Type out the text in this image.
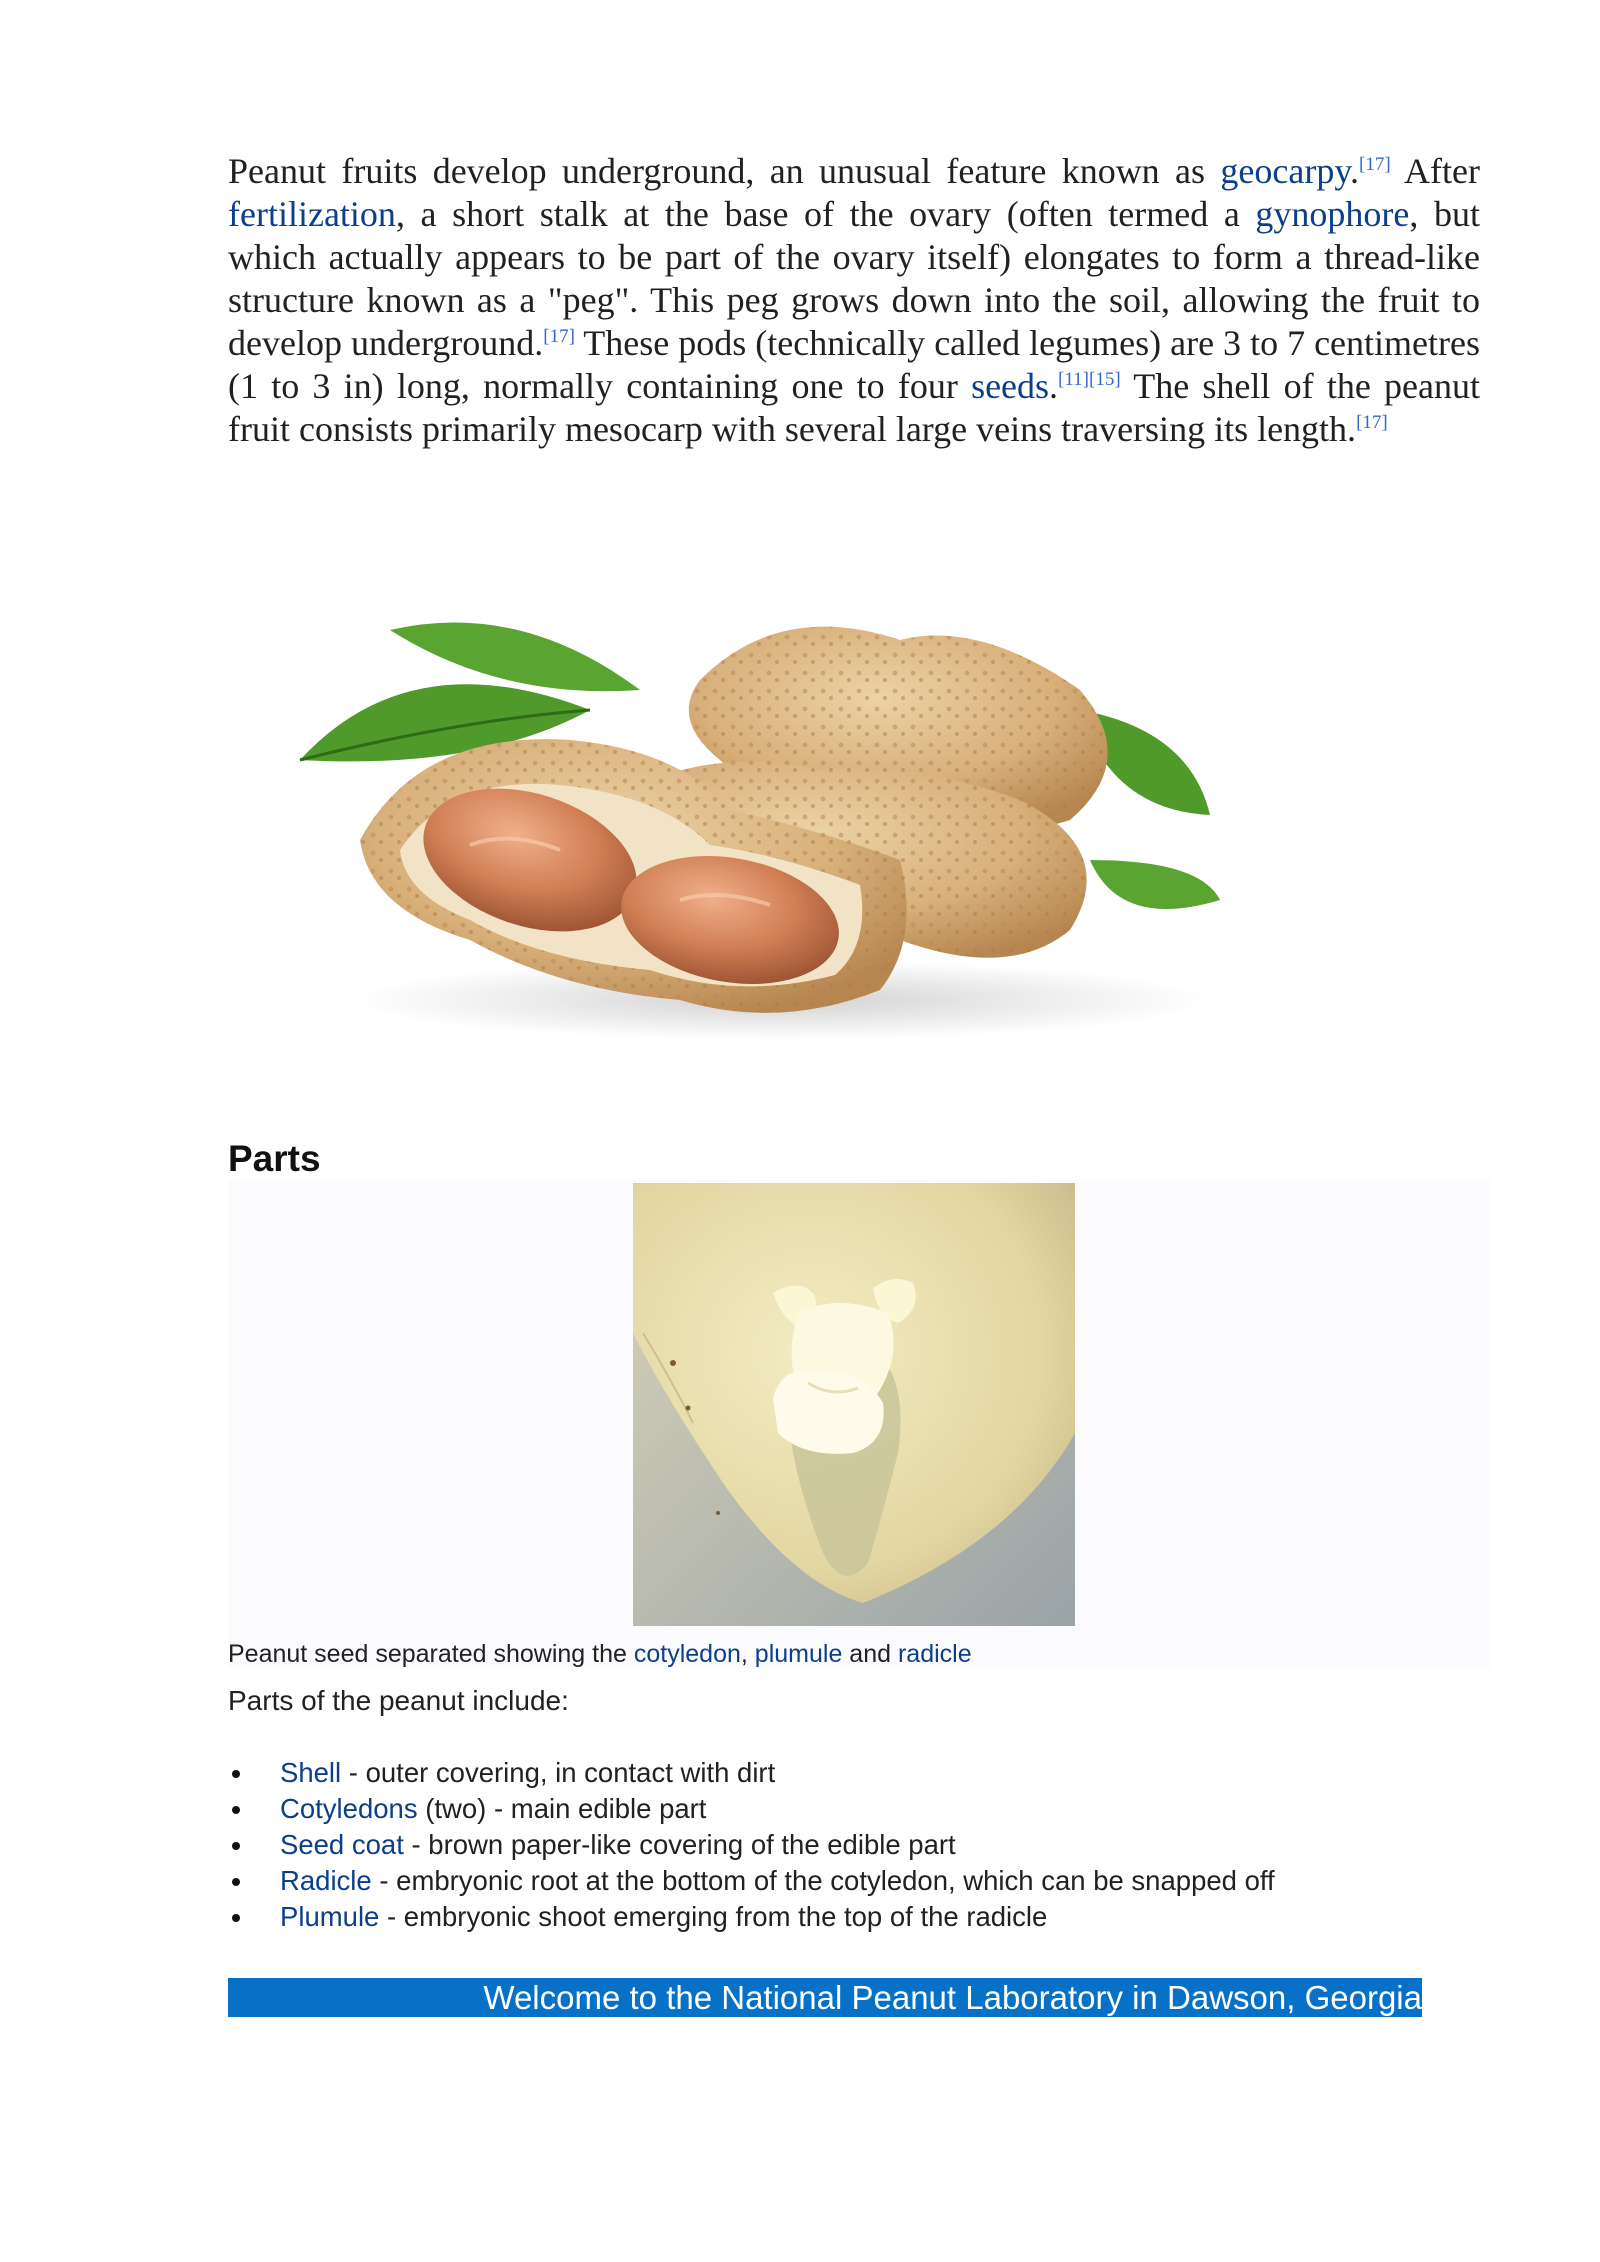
Peanut fruits develop underground, an unusual feature known as geocarpy.[17] After fertilization, a short stalk at the base of the ovary (often termed a gynophore, but which actually appears to be part of the ovary itself) elongates to form a thread-like structure known as a "peg". This peg grows down into the soil, allowing the fruit to develop underground.[17] These pods (technically called legumes) are 3 to 7 centimetres (1 to 3 in) long, normally containing one to four seeds.[11][15] The shell of the peanut fruit consists primarily mesocarp with several large veins traversing its length.[17]

Parts

Peanut seed separated showing the cotyledon, plumule and radicle

Parts of the peanut include:

Shell - outer covering, in contact with dirt
Cotyledons (two) - main edible part
Seed coat - brown paper-like covering of the edible part
Radicle - embryonic root at the bottom of the cotyledon, which can be snapped off
Plumule - embryonic shoot emerging from the top of the radicle
Welcome to the National Peanut Laboratory in Dawson, Georgia
